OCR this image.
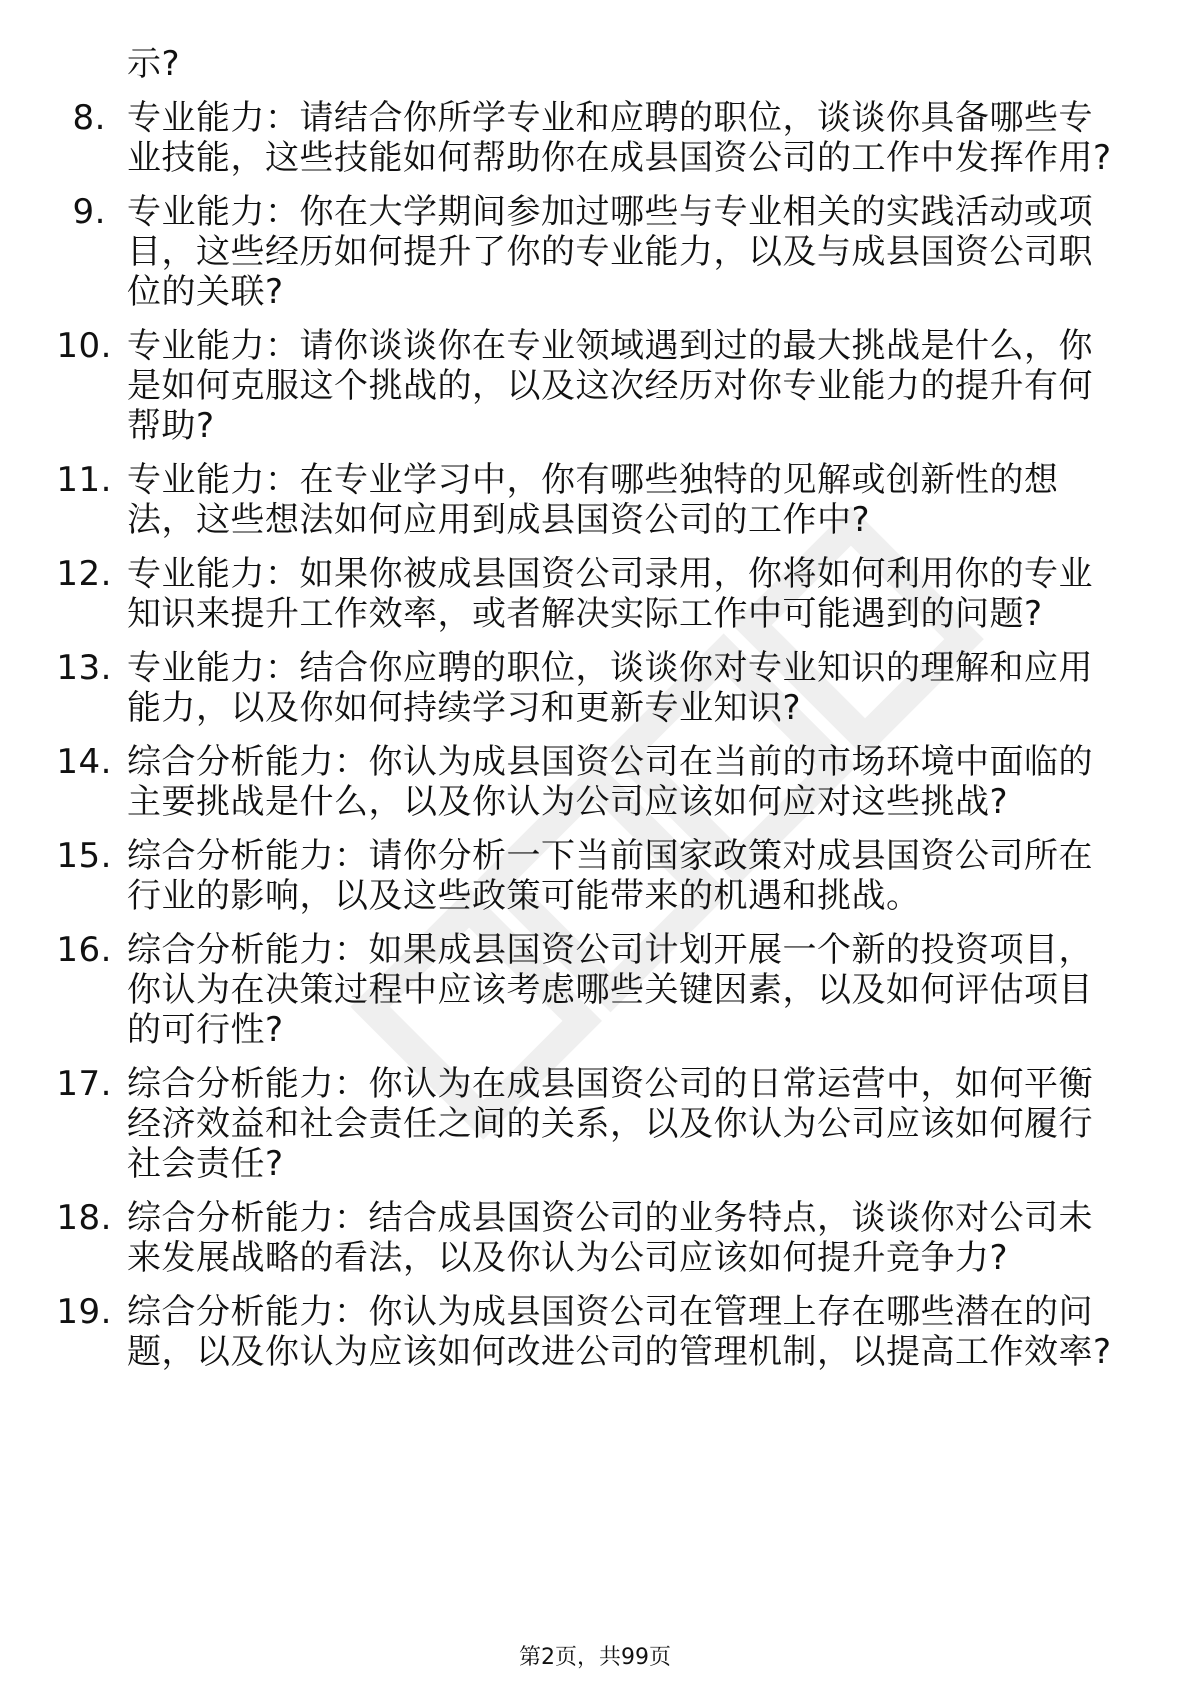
示?
8. 专业能力：请结合你所学专业和应聘的职位，谈谈你具备哪些专业技能，这些技能如何帮助你在成县国资公司的工作中发挥作用?
9. 专业能力：你在大学期间参加过哪些与专业相关的实践活动或项目，这些经历如何提升了你的专业能力，以及与成县国资公司职位的关联?
10. 专业能力：请你谈谈你在专业领域遇到过的最大挑战是什么，你是如何克服这个挑战的，以及这次经历对你专业能力的提升有何帮助?
11. 专业能力：在专业学习中，你有哪些独特的见解或创新性的想法，这些想法如何应用到成县国资公司的工作中?
12. 专业能力：如果你被成县国资公司录用，你将如何利用你的专业知识来提升工作效率，或者解决实际工作中可能遇到的问题?
13. 专业能力：结合你应聘的职位，谈谈你对专业知识的理解和应用能力，以及你如何持续学习和更新专业知识?
14. 综合分析能力：你认为成县国资公司在当前的市场环境中面临的主要挑战是什么，以及你认为公司应该如何应对这些挑战?
15. 综合分析能力：请你分析一下当前国家政策对成县国资公司所在行业的影响，以及这些政策可能带来的机遇和挑战。
16. 综合分析能力：如果成县国资公司计划开展一个新的投资项目，你认为在决策过程中应该考虑哪些关键因素，以及如何评估项目的可行性?
17. 综合分析能力：你认为在成县国资公司的日常运营中，如何平衡经济效益和社会责任之间的关系，以及你认为公司应该如何履行社会责任?
18. 综合分析能力：结合成县国资公司的业务特点，谈谈你对公司未来发展战略的看法，以及你认为公司应该如何提升竞争力?
19. 综合分析能力：你认为成县国资公司在管理上存在哪些潜在的问题，以及你认为应该如何改进公司的管理机制，以提高工作效率?
第2页，共99页
